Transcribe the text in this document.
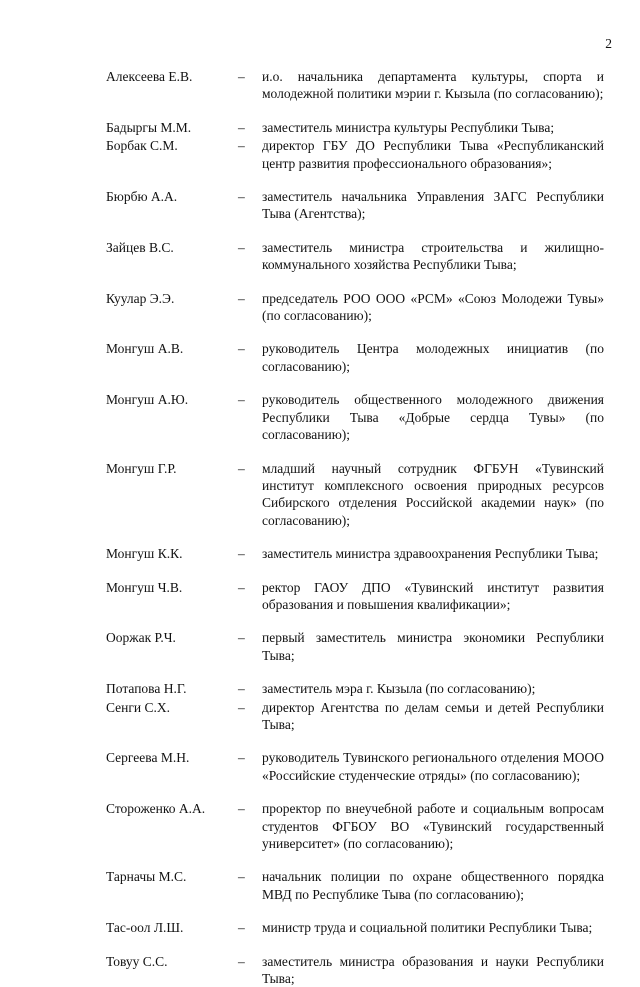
2
Алексеева Е.В.	–	и.о. начальника департамента культуры, спорта и молодежной политики мэрии г. Кызыла (по согласованию);
Бадыргы М.М.	–	заместитель министра культуры Республики Тыва;
Борбак С.М.	–	директор ГБУ ДО Республики Тыва «Республиканский центр развития профессионального образования»;
Бюрбю А.А.	–	заместитель начальника Управления ЗАГС Республики Тыва (Агентства);
Зайцев В.С.	–	заместитель министра строительства и жилищно-коммунального хозяйства Республики Тыва;
Куулар Э.Э.	–	председатель РОО ООО «РСМ» «Союз Молодежи Тувы» (по согласованию);
Монгуш А.В.	–	руководитель Центра молодежных инициатив (по согласованию);
Монгуш А.Ю.	–	руководитель общественного молодежного движения Республики Тыва «Добрые сердца Тувы» (по согласованию);
Монгуш Г.Р.	–	младший научный сотрудник ФГБУН «Тувинский институт комплексного освоения природных ресурсов Сибирского отделения Российской академии наук» (по согласованию);
Монгуш К.К.	–	заместитель министра здравоохранения Республики Тыва;
Монгуш Ч.В.	–	ректор ГАОУ ДПО «Тувинский институт развития образования и повышения квалификации»;
Ооржак Р.Ч.	–	первый заместитель министра экономики Республики Тыва;
Потапова Н.Г.	–	заместитель мэра г. Кызыла (по согласованию);
Сенги С.Х.	–	директор Агентства по делам семьи и детей Республики Тыва;
Сергеева М.Н.	–	руководитель Тувинского регионального отделения МООО «Российские студенческие отряды» (по согласованию);
Стороженко А.А.	–	проректор по внеучебной работе и социальным вопросам студентов ФГБОУ ВО «Тувинский государственный университет» (по согласованию);
Тарначы М.С.	–	начальник полиции по охране общественного порядка МВД по Республике Тыва (по согласованию);
Тас-оол Л.Ш.	–	министр труда и социальной политики Республики Тыва;
Товуу С.С.	–	заместитель министра образования и науки Республики Тыва;
